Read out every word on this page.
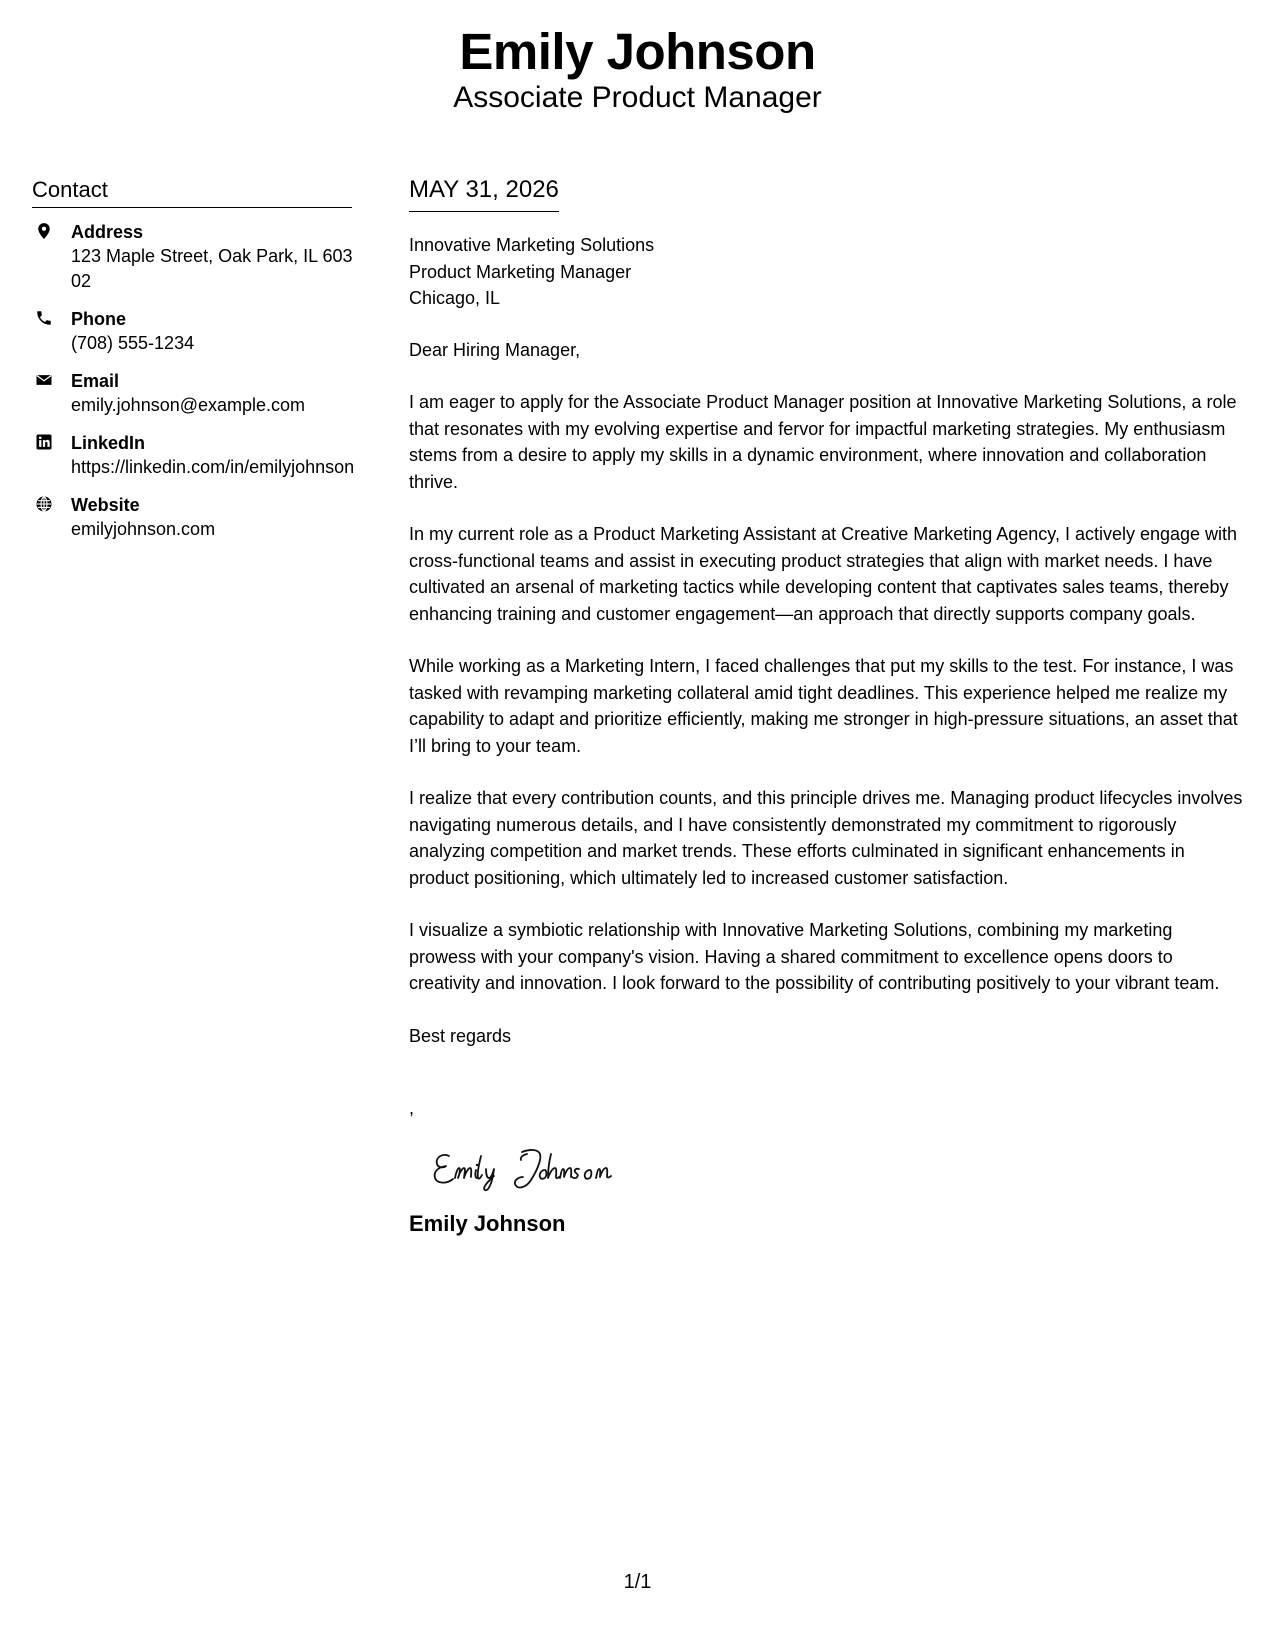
Emily Johnson
Associate Product Manager
Contact
Address
123 Maple Street, Oak Park, IL 60302
Phone
(708) 555-1234
Email
emily.johnson@example.com
LinkedIn
https://linkedin.com/in/emilyjohnson
Website
emilyjohnson.com
MAY 31, 2026
Innovative Marketing Solutions
Product Marketing Manager
Chicago, IL
Dear Hiring Manager,
I am eager to apply for the Associate Product Manager position at Innovative Marketing Solutions, a role that resonates with my evolving expertise and fervor for impactful marketing strategies. My enthusiasm stems from a desire to apply my skills in a dynamic environment, where innovation and collaboration thrive.
In my current role as a Product Marketing Assistant at Creative Marketing Agency, I actively engage with cross-functional teams and assist in executing product strategies that align with market needs. I have cultivated an arsenal of marketing tactics while developing content that captivates sales teams, thereby enhancing training and customer engagement—an approach that directly supports company goals.
While working as a Marketing Intern, I faced challenges that put my skills to the test. For instance, I was tasked with revamping marketing collateral amid tight deadlines. This experience helped me realize my capability to adapt and prioritize efficiently, making me stronger in high-pressure situations, an asset that I’ll bring to your team.
I realize that every contribution counts, and this principle drives me. Managing product lifecycles involves navigating numerous details, and I have consistently demonstrated my commitment to rigorously analyzing competition and market trends. These efforts culminated in significant enhancements in product positioning, which ultimately led to increased customer satisfaction.
I visualize a symbiotic relationship with Innovative Marketing Solutions, combining my marketing prowess with your company's vision. Having a shared commitment to excellence opens doors to creativity and innovation. I look forward to the possibility of contributing positively to your vibrant team.
Best regards
,
Emily Johnson
1/1
